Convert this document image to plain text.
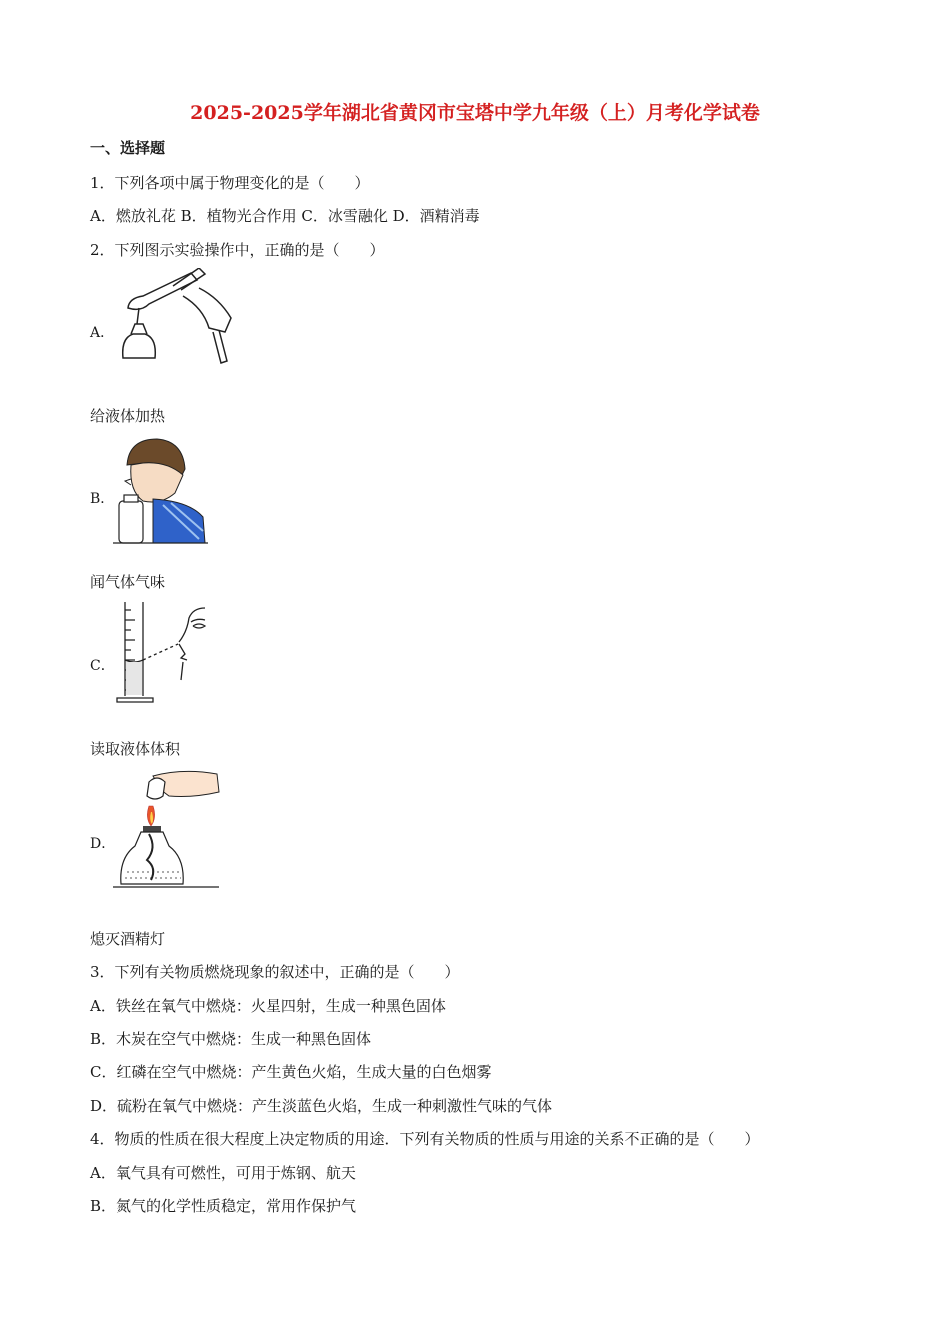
2025-2025学年湖北省黄冈市宝塔中学九年级（上）月考化学试卷
一、选择题
1．下列各项中属于物理变化的是（　　）
A．燃放礼花 B．植物光合作用 C．冰雪融化 D．酒精消毒
2．下列图示实验操作中，正确的是（　　）
A．
给液体加热
B．
闻气体气味
C．
读取液体体积
D．
熄灭酒精灯
3．下列有关物质燃烧现象的叙述中，正确的是（　　）
A．铁丝在氧气中燃烧：火星四射，生成一种黑色固体
B．木炭在空气中燃烧：生成一种黑色固体
C．红磷在空气中燃烧：产生黄色火焰，生成大量的白色烟雾
D．硫粉在氧气中燃烧：产生淡蓝色火焰，生成一种刺激性气味的气体
4．物质的性质在很大程度上决定物质的用途．下列有关物质的性质与用途的关系不正确的是（　　）
A．氧气具有可燃性，可用于炼钢、航天
B．氮气的化学性质稳定，常用作保护气
